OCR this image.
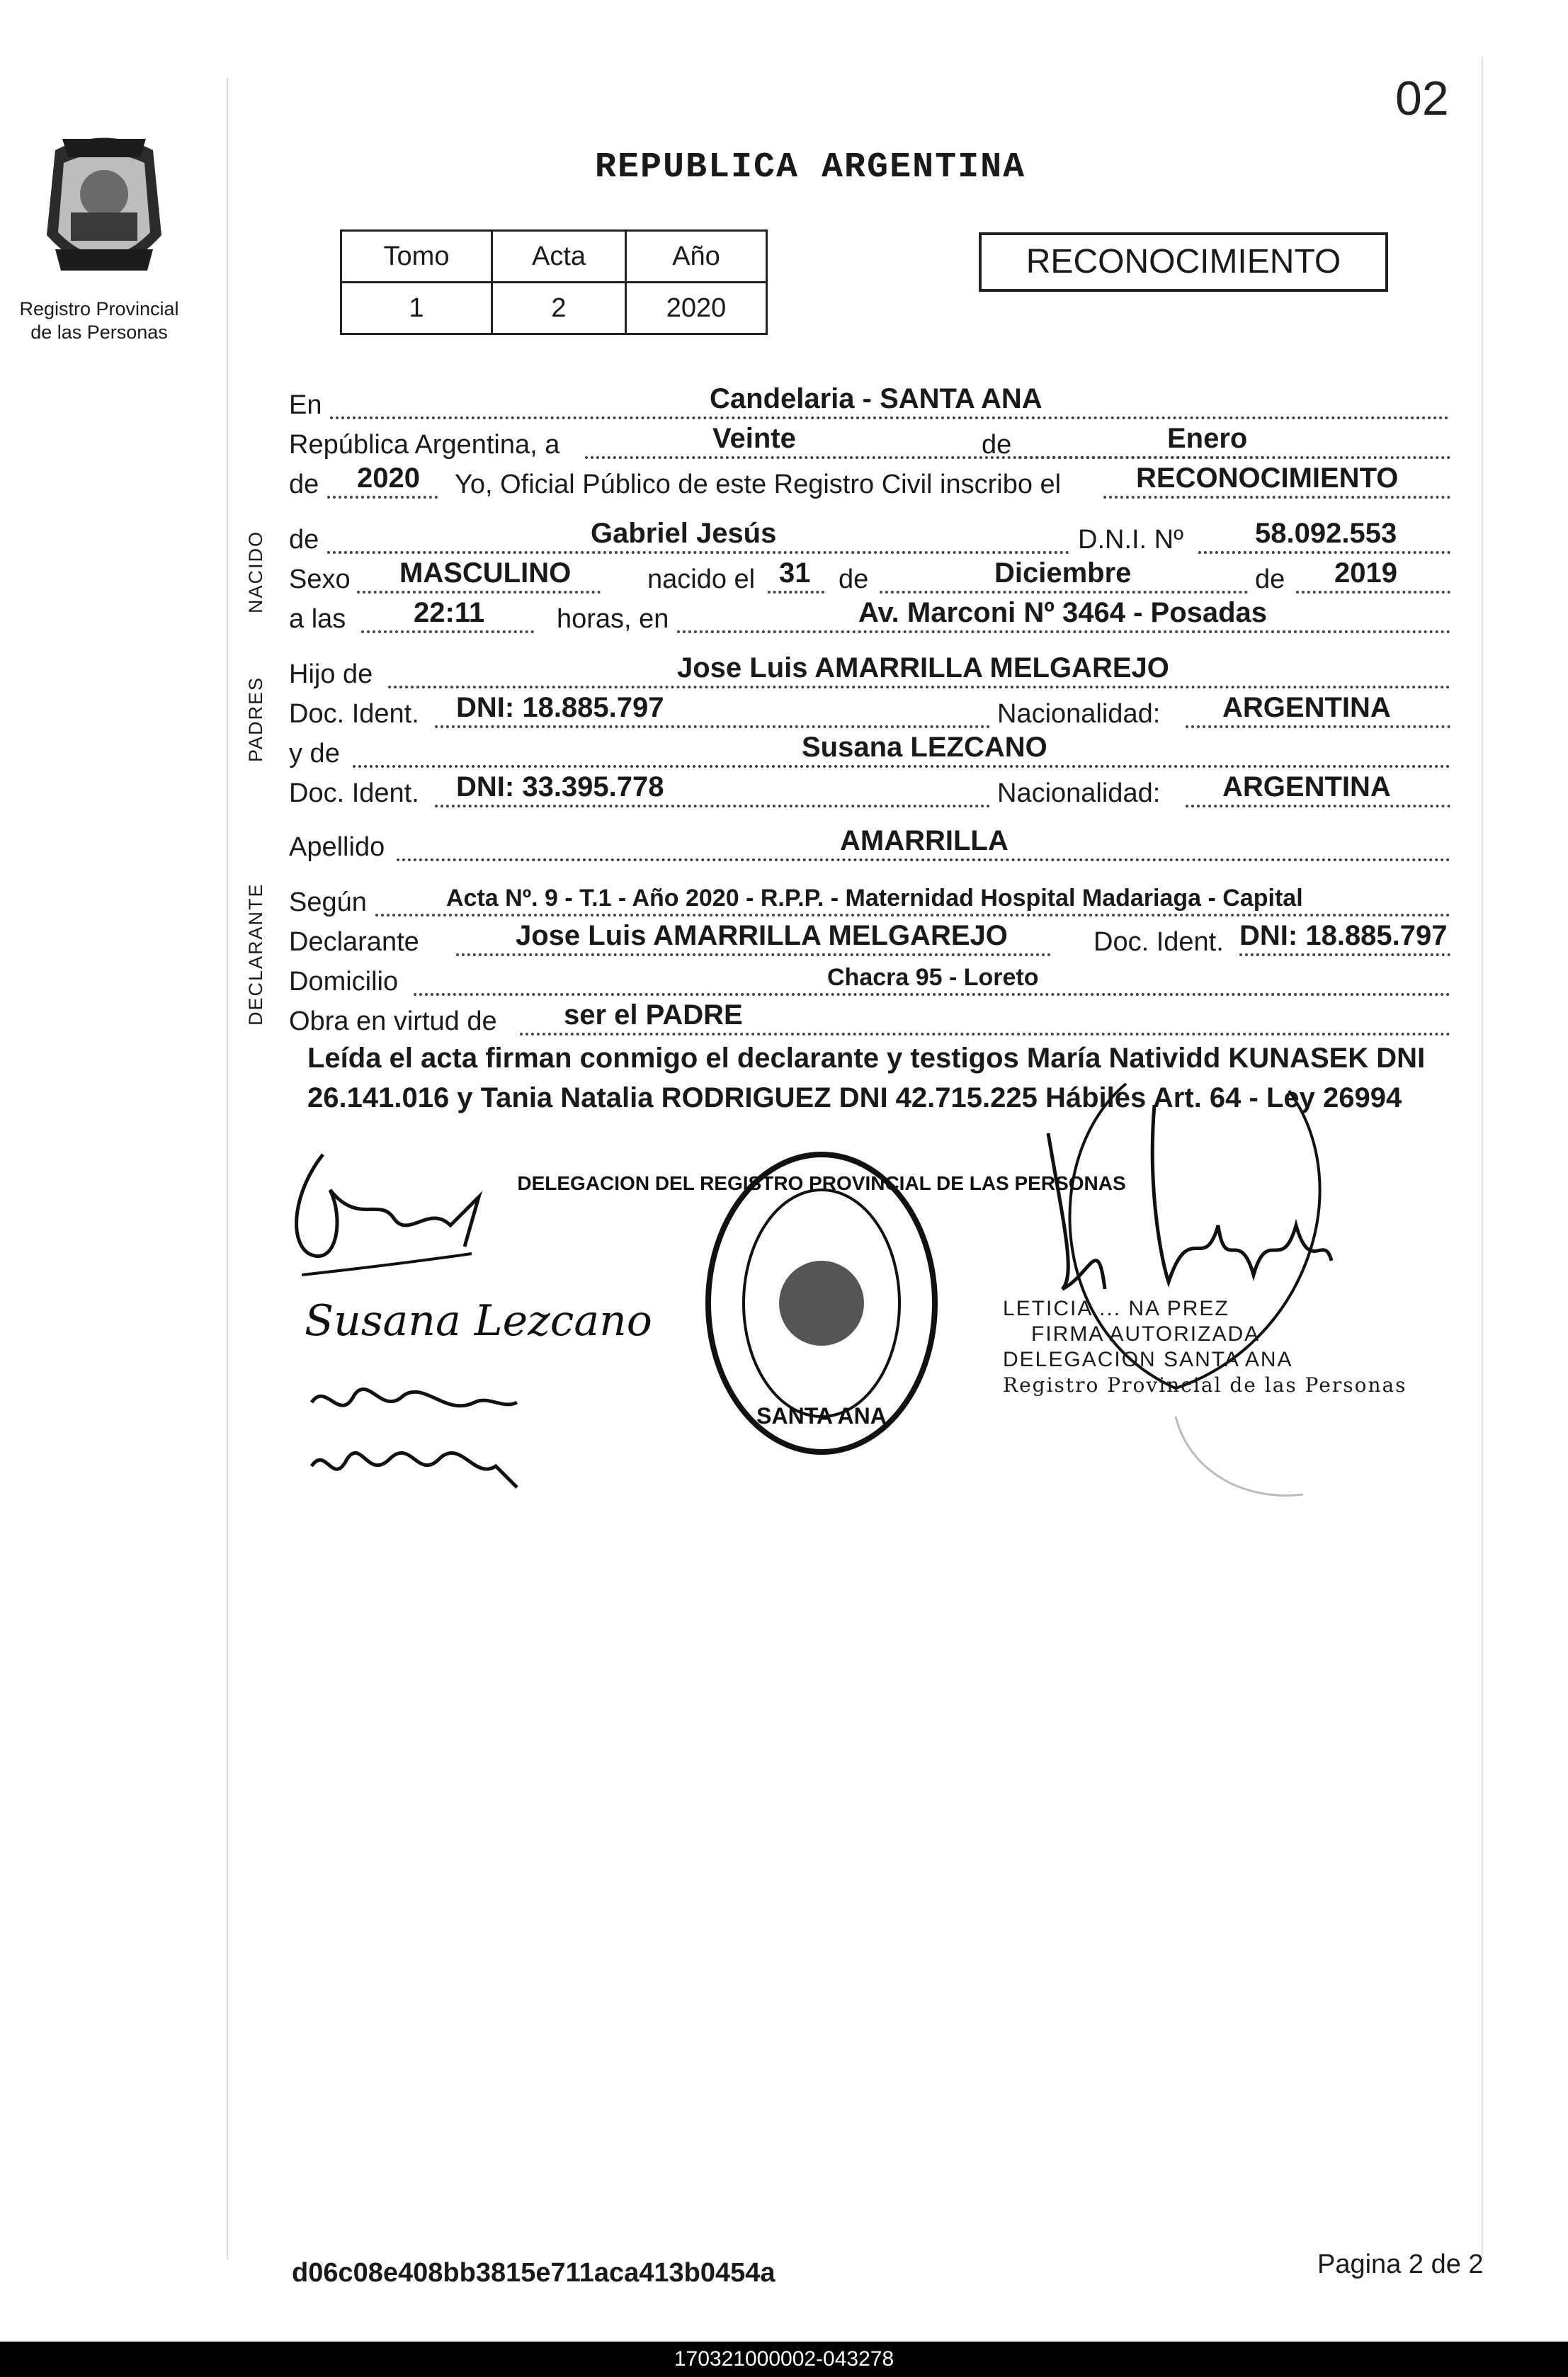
02
Registro Provincial
de las Personas
REPUBLICA ARGENTINA
Tomo	Acta	Año
1	2	2020
RECONOCIMIENTO
En	Candelaria - SANTA ANA
República Argentina, a	Veinte	de	Enero
de 2020 Yo, Oficial Público de este Registro Civil inscribo el	RECONOCIMIENTO
de	Gabriel Jesús	D.N.I. Nº	58.092.553
Sexo MASCULINO	nacido el 31 de	Diciembre	de 2019
a las 22:11	horas, en	Av. Marconi Nº 3464 - Posadas
Hijo de	Jose Luis AMARRILLA MELGAREJO
Doc. Ident. DNI: 18.885.797	Nacionalidad: ARGENTINA
y de	Susana LEZCANO
Doc. Ident. DNI: 33.395.778	Nacionalidad: ARGENTINA
Apellido	AMARRILLA
Según	Acta Nº. 9 - T.1 - Año 2020 - R.P.P. - Maternidad Hospital Madariaga - Capital
Declarante	Jose Luis AMARRILLA MELGAREJO	Doc. Ident. DNI: 18.885.797
Domicilio	Chacra 95 - Loreto
Obra en virtud de ser el PADRE
NACIDO
PADRES
DECLARANTE
Leída el acta firman conmigo el declarante y testigos María Natividd KUNASEK DNI 26.141.016 y Tania Natalia RODRIGUEZ DNI 42.715.225 Hábiles Art. 64 - Ley 26994
Susana Lezcano
DELEGACION DEL REGISTRO PROVINCIAL DE LAS PERSONAS
SANTA ANA
LETICIA ... NA PREZ
FIRMA AUTORIZADA
DELEGACION SANTA ANA
Registro Provincial de las Personas
d06c08e408bb3815e711aca413b0454a	Pagina 2 de 2
170321000002-043278
